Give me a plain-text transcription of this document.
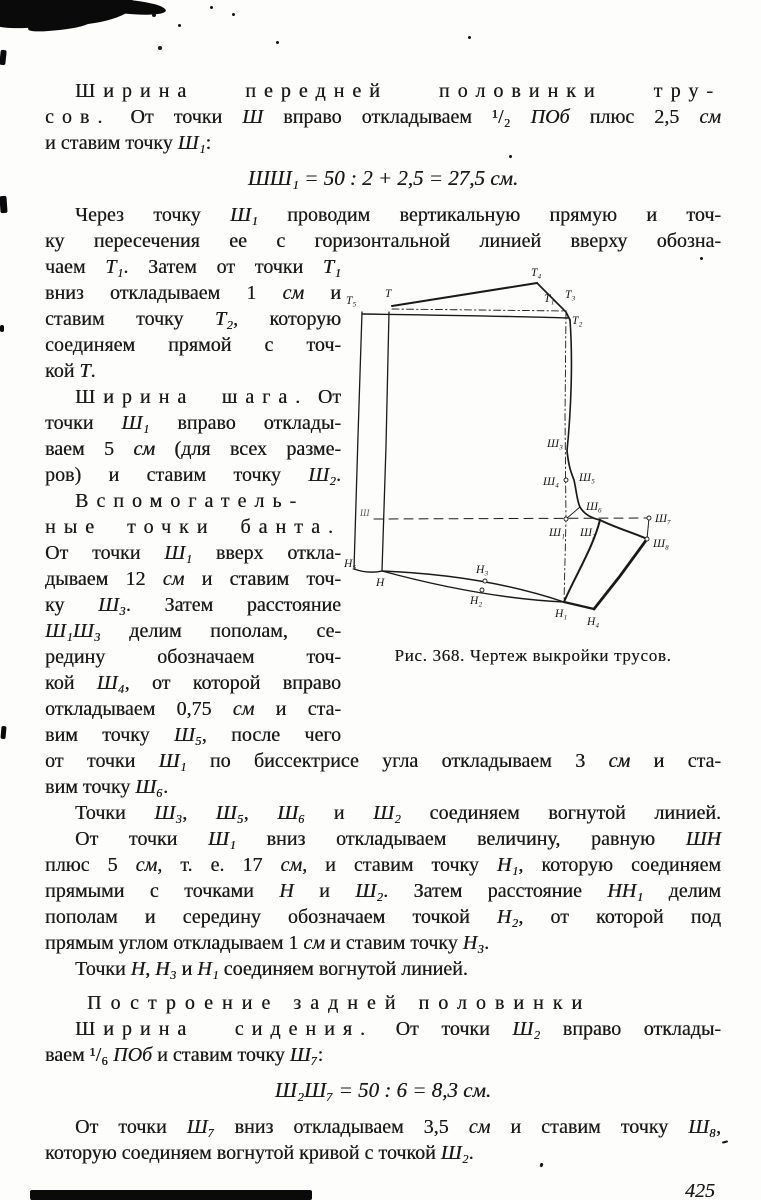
Ширина передней половинки тру-
сов. От точки Ш вправо откладываем ¹/₂ ПОб плюс 2,5 см
и ставим точку Ш₁:
ШШ₁ = 50 : 2 + 2,5 = 27,5 см.
Через точку Ш₁ проводим вертикальную прямую и точ-
ку пересечения ее с горизонтальной линией вверху обозна-
чаем Т₁. Затем от точки Т₁
вниз откладываем 1 см и
ставим точку Т₂, которую
соединяем прямой с точ-
кой Т.
Ширина шага. От
точки Ш₁ вправо отклады-
ваем 5 см (для всех разме-
ров) и ставим точку Ш₂.
Вспомогатель-
ные точки банта.
От точки Ш₁ вверх откла-
дываем 12 см и ставим точ-
ку Ш₃. Затем расстояние
Ш₁Ш₃ делим пополам, се-
редину обозначаем точ-
кой Ш₄, от которой вправо
откладываем 0,75 см и ста-
вим точку Ш₅, после чего
от точки Ш₁ по биссектрисе угла откладываем 3 см и ста-
вим точку Ш₆.
Точки Ш₃, Ш₅, Ш₆ и Ш₂ соединяем вогнутой линией.
От точки Ш₁ вниз откладываем величину, равную ШН
плюс 5 см, т. е. 17 см, и ставим точку Н₁, которую соединяем
прямыми с точками Н и Ш₂. Затем расстояние НН₁ делим
пополам и середину обозначаем точкой Н₂, от которой под
прямым углом откладываем 1 см и ставим точку Н₃.
Точки Н, Н₃ и Н₁ соединяем вогнутой линией.
Построение задней половинки
Ширина сидения. От точки Ш₂ вправо отклады-
ваем ¹/₆ ПОб и ставим точку Ш₇:
Ш₂Ш₇ = 50 : 6 = 8,3 см.
От точки Ш₇ вниз откладываем 3,5 см и ставим точку Ш₈,
которую соединяем вогнутой кривой с точкой Ш₂.
425
Т₅
Т
Т₄
Т₁ Т₃
Т₂
Ш₃
Ш₄ Ш₅
Ш₆
Ш
Ш₁ Ш₂
Ш₇
Ш₈
Н₅
Н
Н₃
Н₂
Н₁
Н₄
Рис. 368. Чертеж выкройки трусов.
